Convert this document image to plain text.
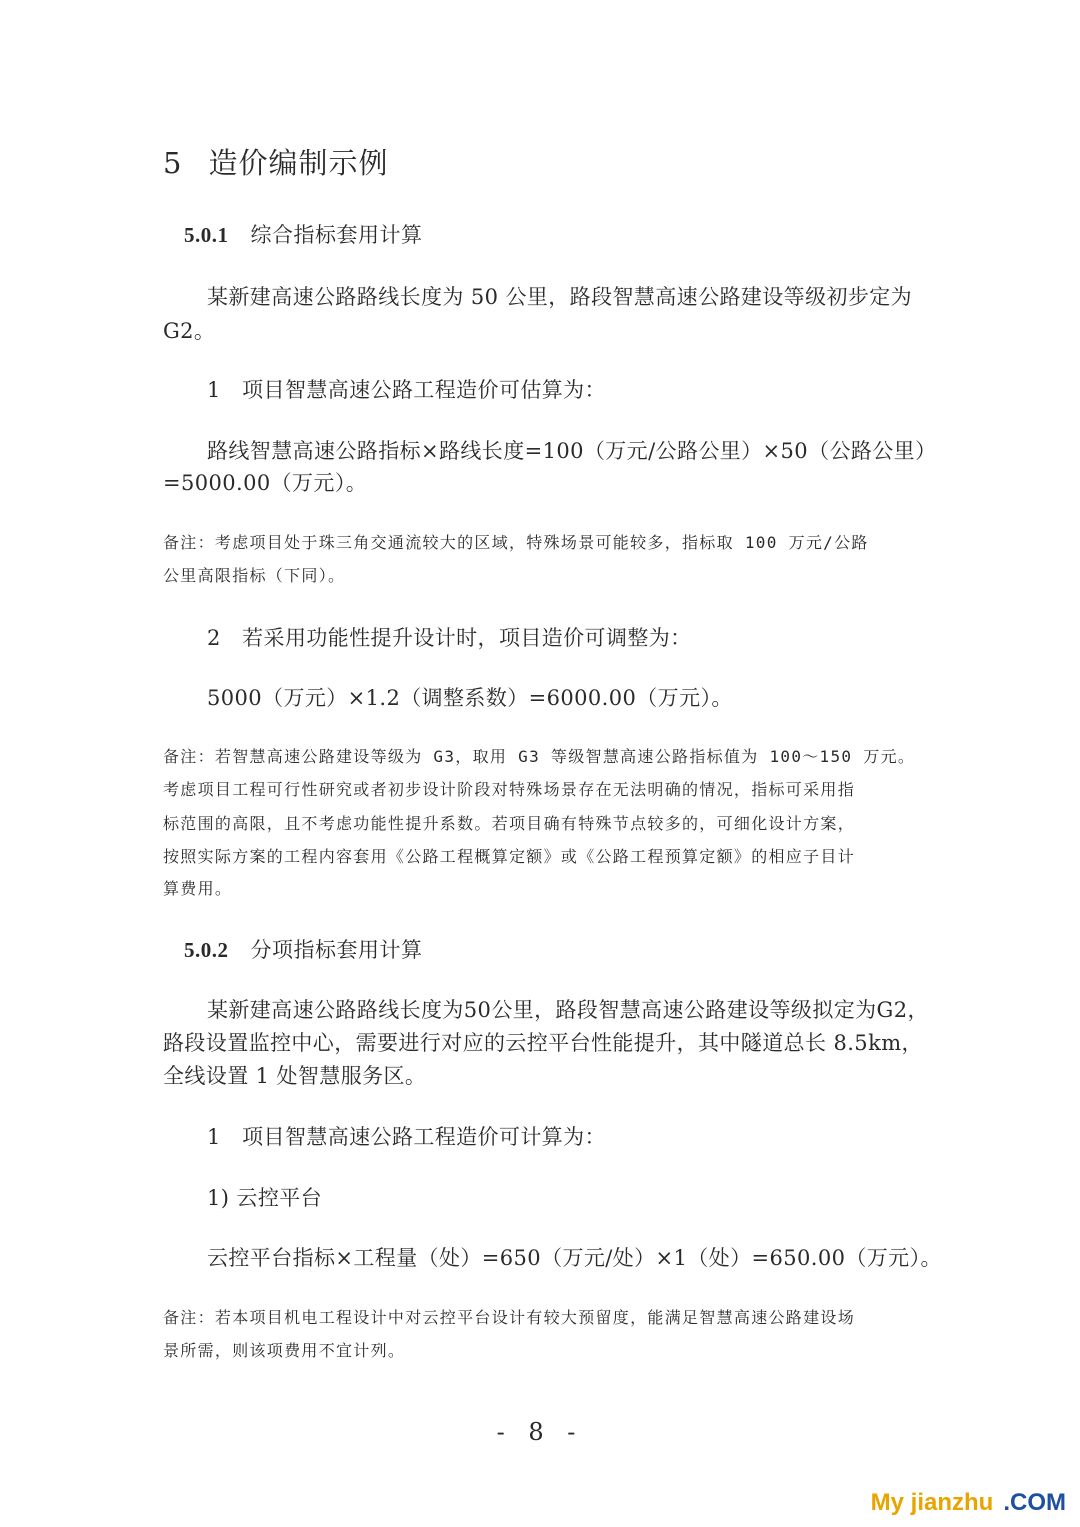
5 造价编制示例
5.0.1 综合指标套用计算
某新建高速公路路线长度为 50 公里，路段智慧高速公路建设等级初步定为
G2。
1　项目智慧高速公路工程造价可估算为：
路线智慧高速公路指标×路线长度=100（万元/公路公里）×50（公路公里）
=5000.00（万元）。
备注：考虑项目处于珠三角交通流较大的区域，特殊场景可能较多，指标取 100 万元/公路
公里高限指标（下同）。
2　若采用功能性提升设计时，项目造价可调整为：
5000（万元）×1.2（调整系数）=6000.00（万元）。
备注：若智慧高速公路建设等级为 G3，取用 G3 等级智慧高速公路指标值为 100～150 万元。
考虑项目工程可行性研究或者初步设计阶段对特殊场景存在无法明确的情况，指标可采用指
标范围的高限，且不考虑功能性提升系数。若项目确有特殊节点较多的，可细化设计方案，
按照实际方案的工程内容套用《公路工程概算定额》或《公路工程预算定额》的相应子目计
算费用。
5.0.2 分项指标套用计算
某新建高速公路路线长度为50公里，路段智慧高速公路建设等级拟定为G2，
路段设置监控中心，需要进行对应的云控平台性能提升，其中隧道总长 8.5km，
全线设置 1 处智慧服务区。
1　项目智慧高速公路工程造价可计算为：
1) 云控平台
云控平台指标×工程量（处）=650（万元/处）×1（处）=650.00（万元）。
备注：若本项目机电工程设计中对云控平台设计有较大预留度，能满足智慧高速公路建设场
景所需，则该项费用不宜计列。
- 8 -
My jianzhu .COM
